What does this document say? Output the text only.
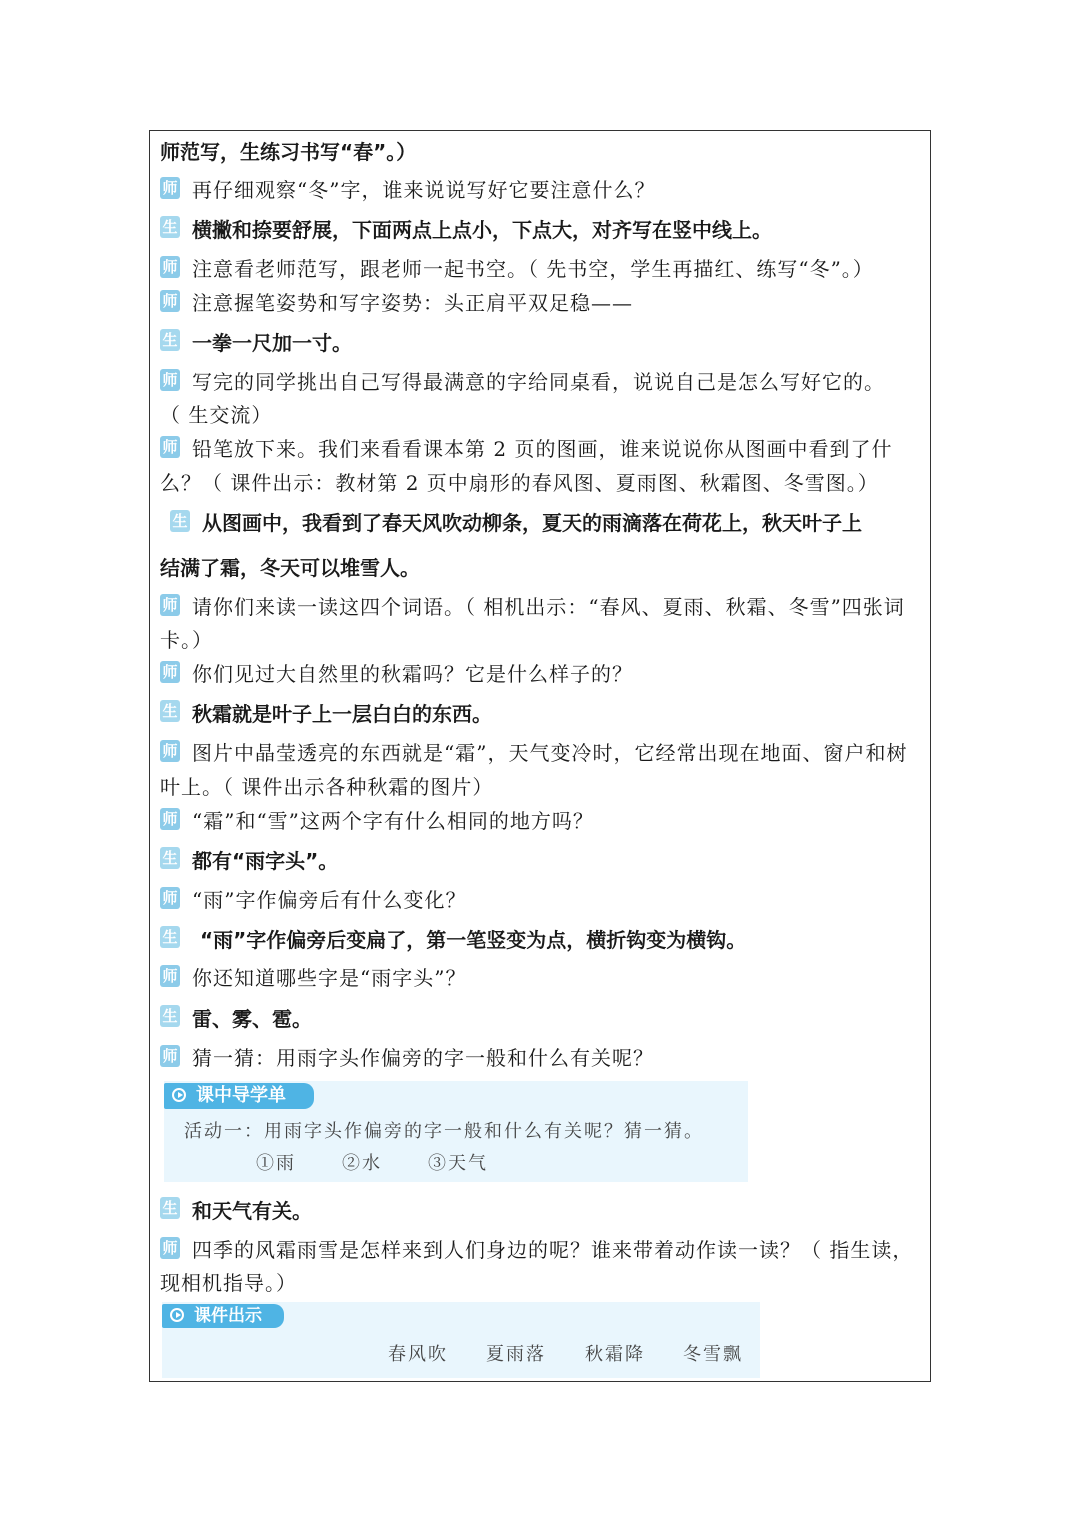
师范写，生练习书写“春”。）
师 再仔细观察“冬”字，谁来说说写好它要注意什么？
生 横撇和捺要舒展，下面两点上点小，下点大，对齐写在竖中线上。
师 注意看老师范写，跟老师一起书空。（ 先书空，学生再描红、练写“冬”。）
师 注意握笔姿势和写字姿势：头正肩平双足稳——
生 一拳一尺加一寸。
师 写完的同学挑出自己写得最满意的字给同桌看，说说自己是怎么写好它的。
（ 生交流）
师 铅笔放下来。我们来看看课本第 2 页的图画，谁来说说你从图画中看到了什
么？（ 课件出示：教材第 2 页中扇形的春风图、夏雨图、秋霜图、冬雪图。）
生 从图画中，我看到了春天风吹动柳条，夏天的雨滴落在荷花上，秋天叶子上
结满了霜，冬天可以堆雪人。
师 请你们来读一读这四个词语。（ 相机出示：“春风、夏雨、秋霜、冬雪”四张词
卡。）
师 你们见过大自然里的秋霜吗？它是什么样子的？
生 秋霜就是叶子上一层白白的东西。
师 图片中晶莹透亮的东西就是“霜”，天气变冷时，它经常出现在地面、窗户和树
叶上。（ 课件出示各种秋霜的图片）
师 “霜”和“雪”这两个字有什么相同的地方吗？
生 都有“雨字头”。
师 “雨”字作偏旁后有什么变化？
生 “雨”字作偏旁后变扁了，第一笔竖变为点，横折钩变为横钩。
师 你还知道哪些字是“雨字头”？
生 雷、雾、雹。
师 猜一猜：用雨字头作偏旁的字一般和什么有关呢？
课中导学单
活动一：用雨字头作偏旁的字一般和什么有关呢？猜一猜。
①雨	②水	③天气
生 和天气有关。
师 四季的风霜雨雪是怎样来到人们身边的呢？谁来带着动作读一读？（ 指生读，
现相机指导。）
课件出示
春风吹 夏雨落 秋霜降 冬雪飘
